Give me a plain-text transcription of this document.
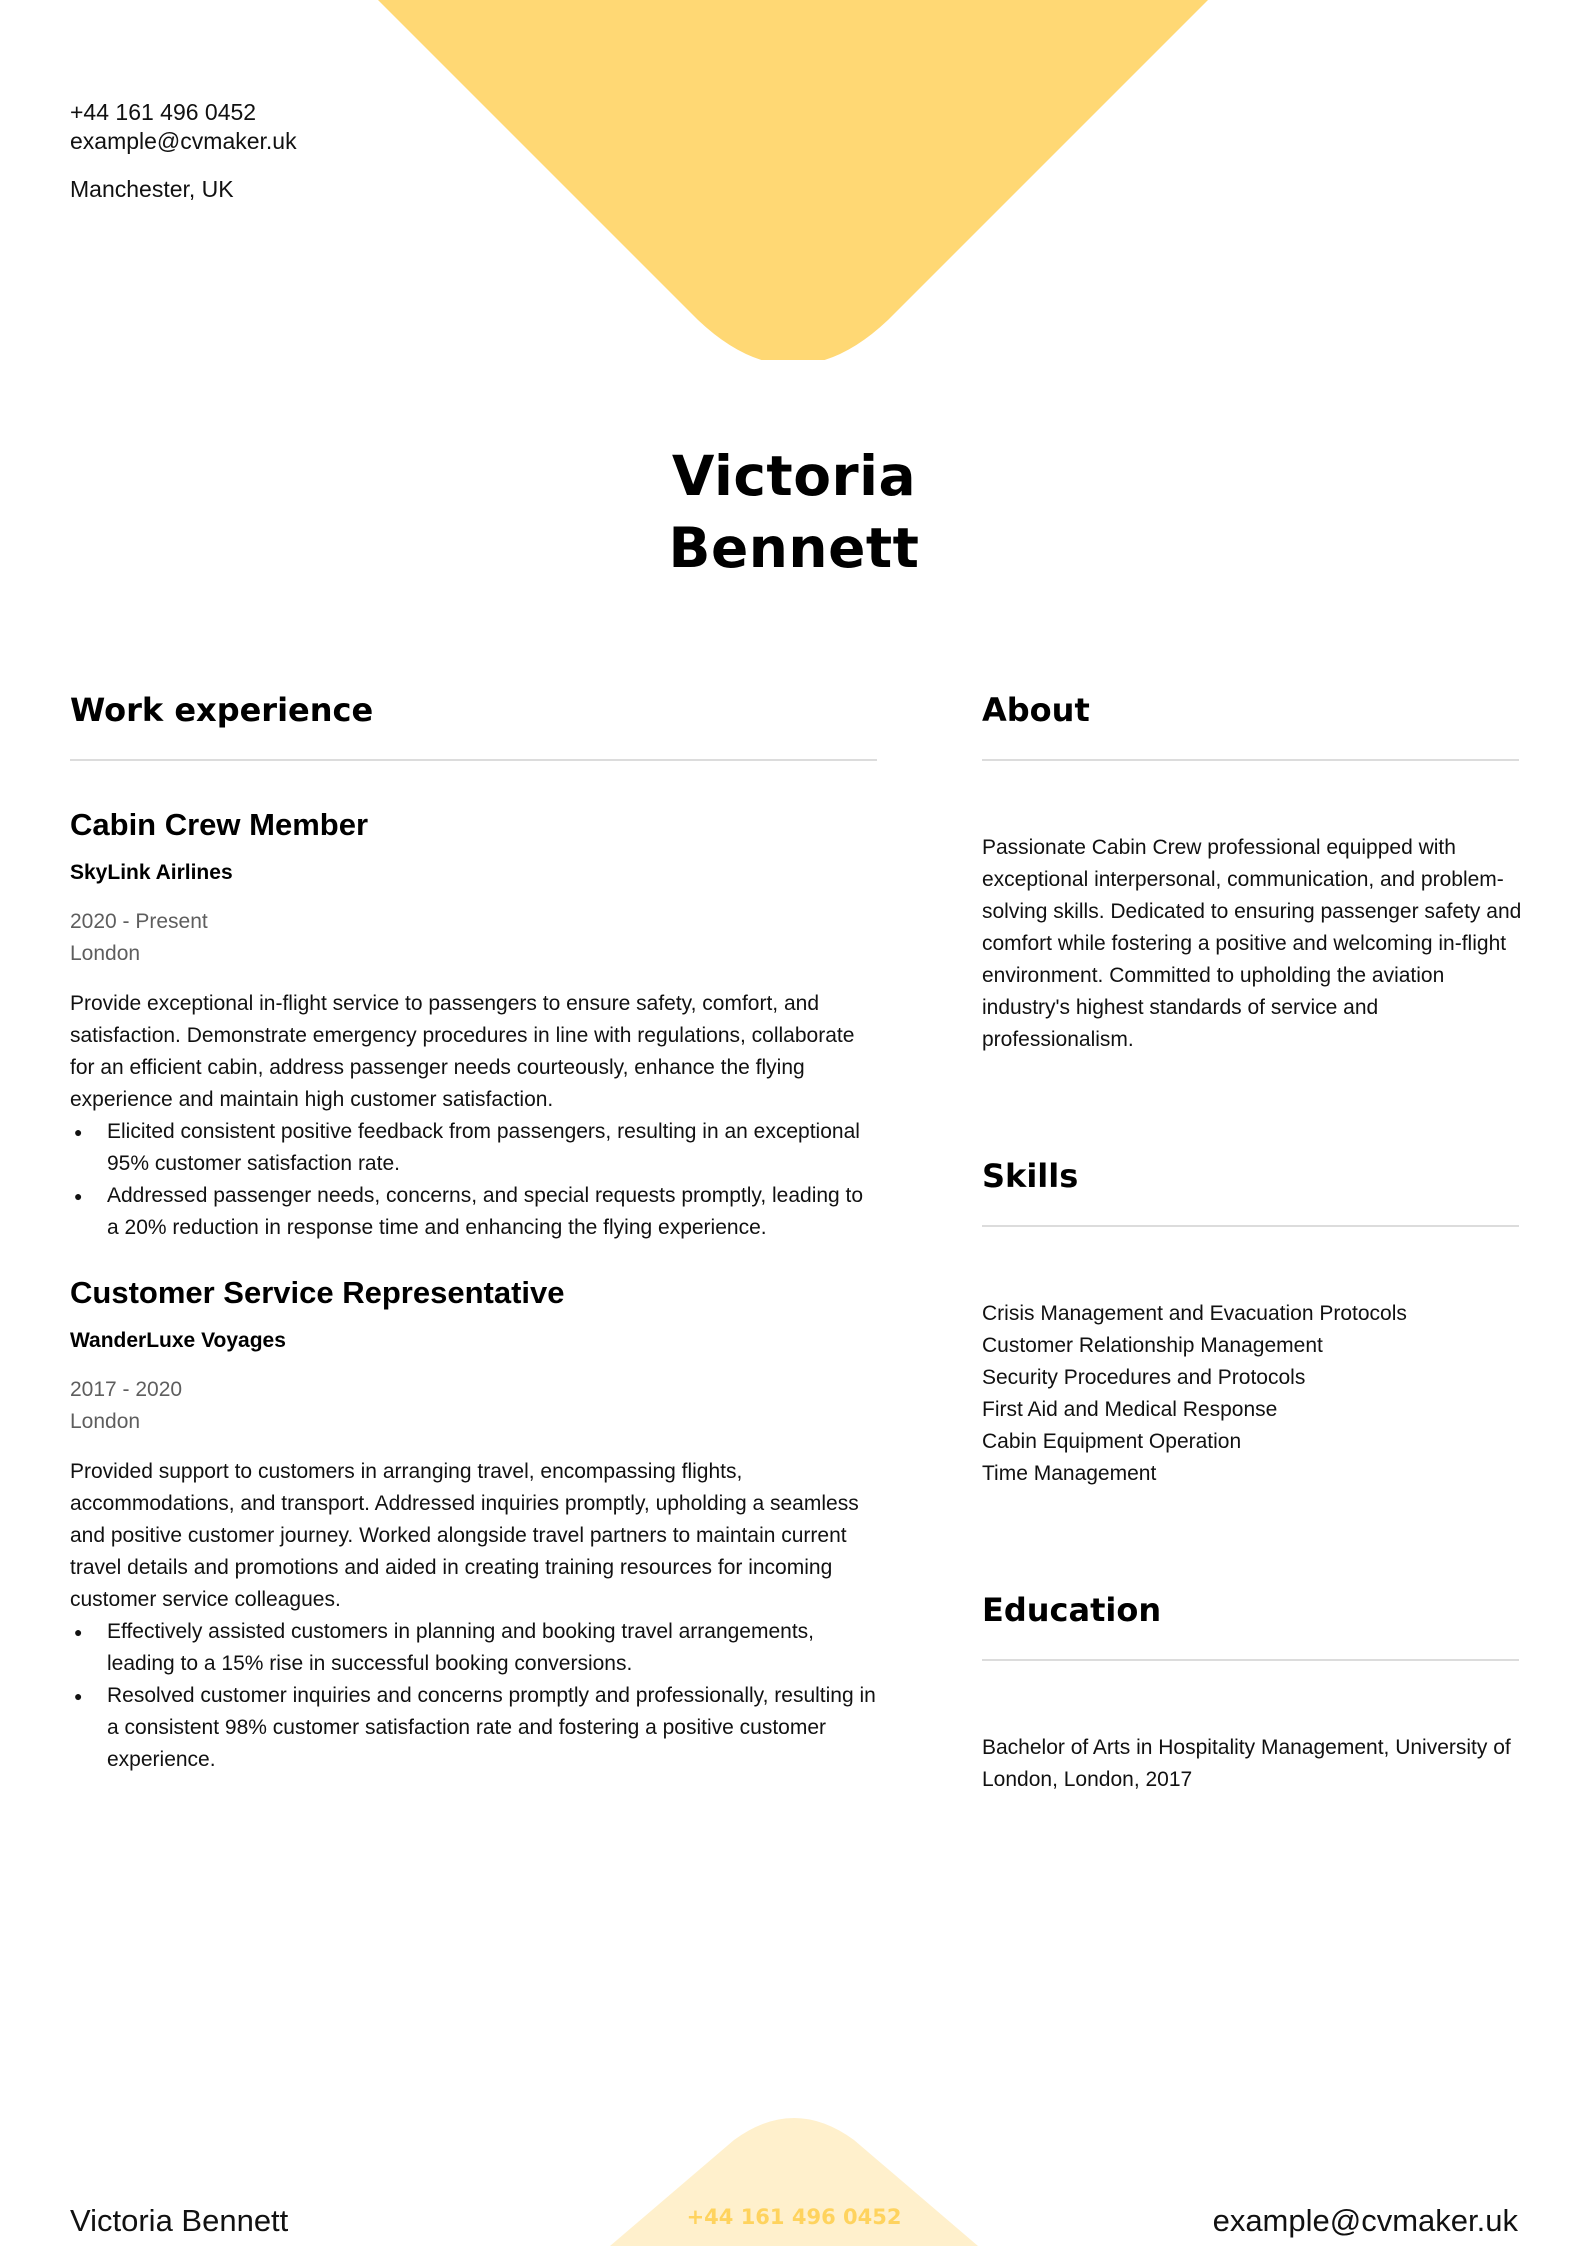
+44 161 496 0452
example@cvmaker.uk
Manchester, UK
Victoria
Bennett
Work experience
Cabin Crew Member
SkyLink Airlines
2020 - Present
London
Provide exceptional in-flight service to passengers to ensure safety, comfort, and satisfaction. Demonstrate emergency procedures in line with regulations, collaborate for an efficient cabin, address passenger needs courteously, enhance the flying experience and maintain high customer satisfaction.
● Elicited consistent positive feedback from passengers, resulting in an exceptional 95% customer satisfaction rate.
● Addressed passenger needs, concerns, and special requests promptly, leading to a 20% reduction in response time and enhancing the flying experience.
Customer Service Representative
WanderLuxe Voyages
2017 - 2020
London
Provided support to customers in arranging travel, encompassing flights, accommodations, and transport. Addressed inquiries promptly, upholding a seamless and positive customer journey. Worked alongside travel partners to maintain current travel details and promotions and aided in creating training resources for incoming customer service colleagues.
● Effectively assisted customers in planning and booking travel arrangements, leading to a 15% rise in successful booking conversions.
● Resolved customer inquiries and concerns promptly and professionally, resulting in a consistent 98% customer satisfaction rate and fostering a positive customer experience.
About
Passionate Cabin Crew professional equipped with exceptional interpersonal, communication, and problem-solving skills. Dedicated to ensuring passenger safety and comfort while fostering a positive and welcoming in-flight environment. Committed to upholding the aviation industry's highest standards of service and professionalism.
Skills
Crisis Management and Evacuation Protocols
Customer Relationship Management
Security Procedures and Protocols
First Aid and Medical Response
Cabin Equipment Operation
Time Management
Education
Bachelor of Arts in Hospitality Management, University of London, London, 2017
Victoria Bennett	+44 161 496 0452	example@cvmaker.uk
